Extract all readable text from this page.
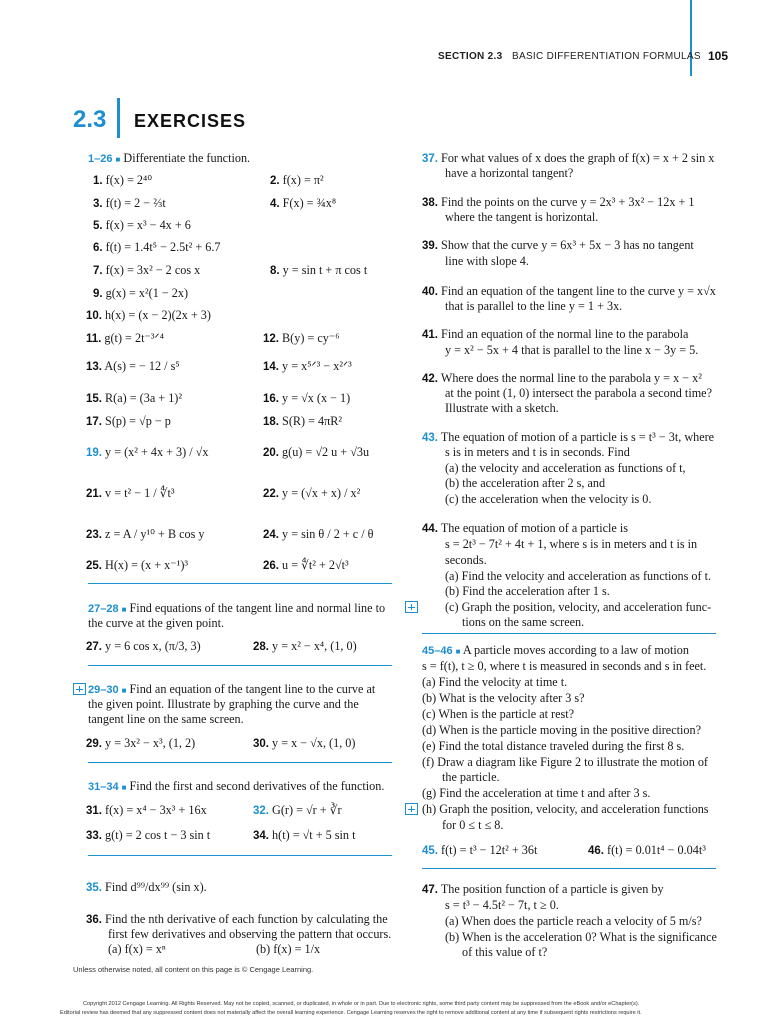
SECTION 2.3 BASIC DIFFERENTIATION FORMULAS 105
2.3 EXERCISES
1–26 ■ Differentiate the function.
1. f(x) = 2⁴⁰	2. f(x) = π²
3. f(t) = 2 − ⅔t	4. F(x) = ¾x⁸
5. f(x) = x³ − 4x + 6
6. f(t) = 1.4t⁵ − 2.5t² + 6.7
7. f(x) = 3x² − 2 cos x	8. y = sin t + π cos t
9. g(x) = x²(1 − 2x)
10. h(x) = (x − 2)(2x + 3)
11. g(t) = 2t⁻³ᐟ⁴	12. B(y) = cy⁻⁶
13. A(s) = − 12 / s⁵	14. y = x⁵ᐟ³ − x²ᐟ³
15. R(a) = (3a + 1)²	16. y = √x (x − 1)
17. S(p) = √p − p	18. S(R) = 4πR²
19. y = (x² + 4x + 3) / √x	20. g(u) = √2 u + √3u
21. v = t² − 1 / ∜t³	22. y = (√x + x) / x²
23. z = A / y¹⁰ + B cos y	24. y = sin θ / 2 + c / θ
25. H(x) = (x + x⁻¹)³	26. u = ∜t² + 2√t³
27–28 ■ Find equations of the tangent line and normal line to
the curve at the given point.
27. y = 6 cos x, (π/3, 3)	28. y = x² − x⁴, (1, 0)
29–30 ■ Find an equation of the tangent line to the curve at
the given point. Illustrate by graphing the curve and the
tangent line on the same screen.
29. y = 3x² − x³, (1, 2)	30. y = x − √x, (1, 0)
31–34 ■ Find the first and second derivatives of the function.
31. f(x) = x⁴ − 3x³ + 16x	32. G(r) = √r + ∛r
33. g(t) = 2 cos t − 3 sin t	34. h(t) = √t + 5 sin t
35. Find d⁹⁹/dx⁹⁹ (sin x).
36. Find the nth derivative of each function by calculating the
first few derivatives and observing the pattern that occurs.
(a) f(x) = xⁿ	(b) f(x) = 1/x
37. For what values of x does the graph of f(x) = x + 2 sin x
have a horizontal tangent?
38. Find the points on the curve y = 2x³ + 3x² − 12x + 1
where the tangent is horizontal.
39. Show that the curve y = 6x³ + 5x − 3 has no tangent
line with slope 4.
40. Find an equation of the tangent line to the curve y = x√x
that is parallel to the line y = 1 + 3x.
41. Find an equation of the normal line to the parabola
y = x² − 5x + 4 that is parallel to the line x − 3y = 5.
42. Where does the normal line to the parabola y = x − x²
at the point (1, 0) intersect the parabola a second time?
Illustrate with a sketch.
43. The equation of motion of a particle is s = t³ − 3t, where
s is in meters and t is in seconds. Find
(a) the velocity and acceleration as functions of t,
(b) the acceleration after 2 s, and
(c) the acceleration when the velocity is 0.
44. The equation of motion of a particle is
s = 2t³ − 7t² + 4t + 1, where s is in meters and t is in
seconds.
(a) Find the velocity and acceleration as functions of t.
(b) Find the acceleration after 1 s.
(c) Graph the position, velocity, and acceleration func-
tions on the same screen.
45–46 ■ A particle moves according to a law of motion
s = f(t), t ≥ 0, where t is measured in seconds and s in feet.
(a) Find the velocity at time t.
(b) What is the velocity after 3 s?
(c) When is the particle at rest?
(d) When is the particle moving in the positive direction?
(e) Find the total distance traveled during the first 8 s.
(f) Draw a diagram like Figure 2 to illustrate the motion of
the particle.
(g) Find the acceleration at time t and after 3 s.
(h) Graph the position, velocity, and acceleration functions
for 0 ≤ t ≤ 8.
45. f(t) = t³ − 12t² + 36t	46. f(t) = 0.01t⁴ − 0.04t³
47. The position function of a particle is given by
s = t³ − 4.5t² − 7t, t ≥ 0.
(a) When does the particle reach a velocity of 5 m/s?
(b) When is the acceleration 0? What is the significance
of this value of t?
Unless otherwise noted, all content on this page is © Cengage Learning.
Copyright 2012 Cengage Learning. All Rights Reserved. May not be copied, scanned, or duplicated, in whole or in part. Due to electronic rights, some third party content may be suppressed from the eBook and/or eChapter(s).
Editorial review has deemed that any suppressed content does not materially affect the overall learning experience. Cengage Learning reserves the right to remove additional content at any time if subsequent rights restrictions require it.
